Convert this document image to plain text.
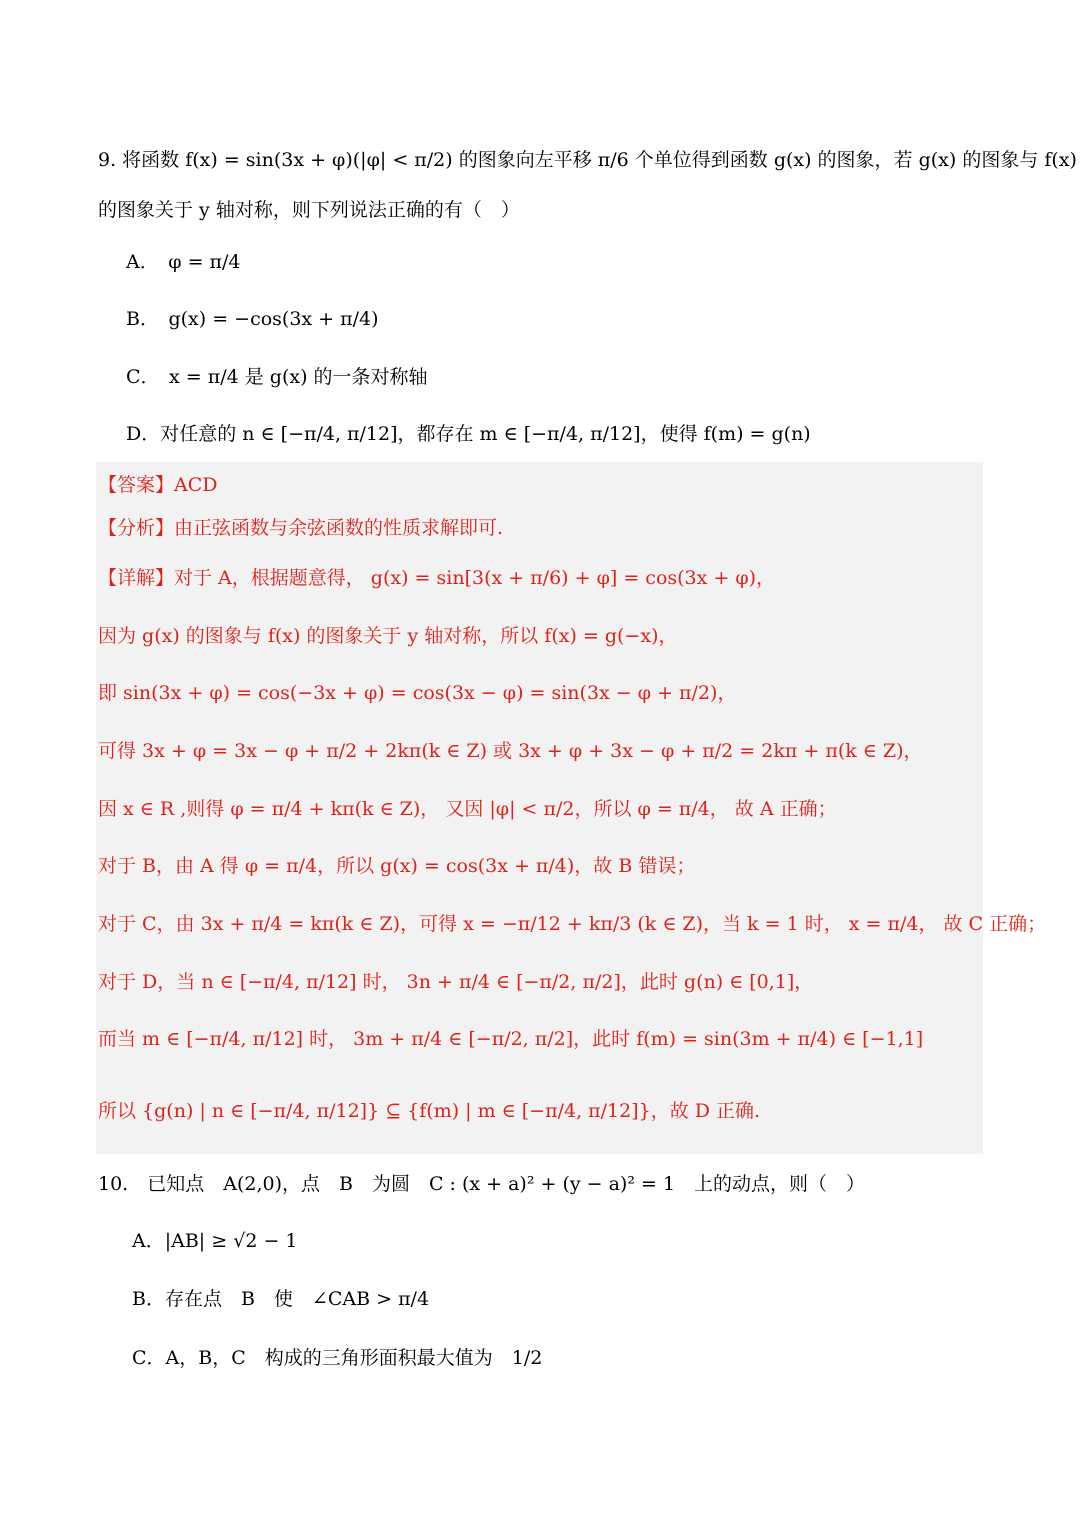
9. 将函数 f(x) = sin(3x + φ)(|φ| < π/2) 的图象向左平移 π/6 个单位得到函数 g(x) 的图象，若 g(x) 的图象与 f(x)
的图象关于 y 轴对称，则下列说法正确的有（　）
A．　φ = π/4
B．　g(x) = −cos(3x + π/4)
C．　x = π/4 是 g(x) 的一条对称轴
D．对任意的 n ∈ [−π/4, π/12]，都存在 m ∈ [−π/4, π/12]，使得 f(m) = g(n)
【答案】ACD
【分析】由正弦函数与余弦函数的性质求解即可.
【详解】对于 A，根据题意得， g(x) = sin[3(x + π/6) + φ] = cos(3x + φ)，
因为 g(x) 的图象与 f(x) 的图象关于 y 轴对称，所以 f(x) = g(−x)，
即 sin(3x + φ) = cos(−3x + φ) = cos(3x − φ) = sin(3x − φ + π/2)，
可得 3x + φ = 3x − φ + π/2 + 2kπ(k ∈ Z) 或 3x + φ + 3x − φ + π/2 = 2kπ + π(k ∈ Z)，
因 x ∈ R ,则得 φ = π/4 + kπ(k ∈ Z)， 又因 |φ| < π/2，所以 φ = π/4， 故 A 正确；
对于 B，由 A 得 φ = π/4，所以 g(x) = cos(3x + π/4)，故 B 错误；
对于 C，由 3x + π/4 = kπ(k ∈ Z)，可得 x = −π/12 + kπ/3 (k ∈ Z)，当 k = 1 时， x = π/4， 故 C 正确；
对于 D，当 n ∈ [−π/4, π/12] 时， 3n + π/4 ∈ [−π/2, π/2]，此时 g(n) ∈ [0,1]，
而当 m ∈ [−π/4, π/12] 时， 3m + π/4 ∈ [−π/2, π/2]，此时 f(m) = sin(3m + π/4) ∈ [−1,1]
所以 {g(n) | n ∈ [−π/4, π/12]} ⊆ {f(m) | m ∈ [−π/4, π/12]}，故 D 正确.
10.　已知点　A(2,0)，点　B　为圆　C : (x + a)² + (y − a)² = 1　上的动点，则（　）
A．|AB| ≥ √2 − 1
B．存在点　B　使　∠CAB > π/4
C．A，B，C　构成的三角形面积最大值为　1/2
